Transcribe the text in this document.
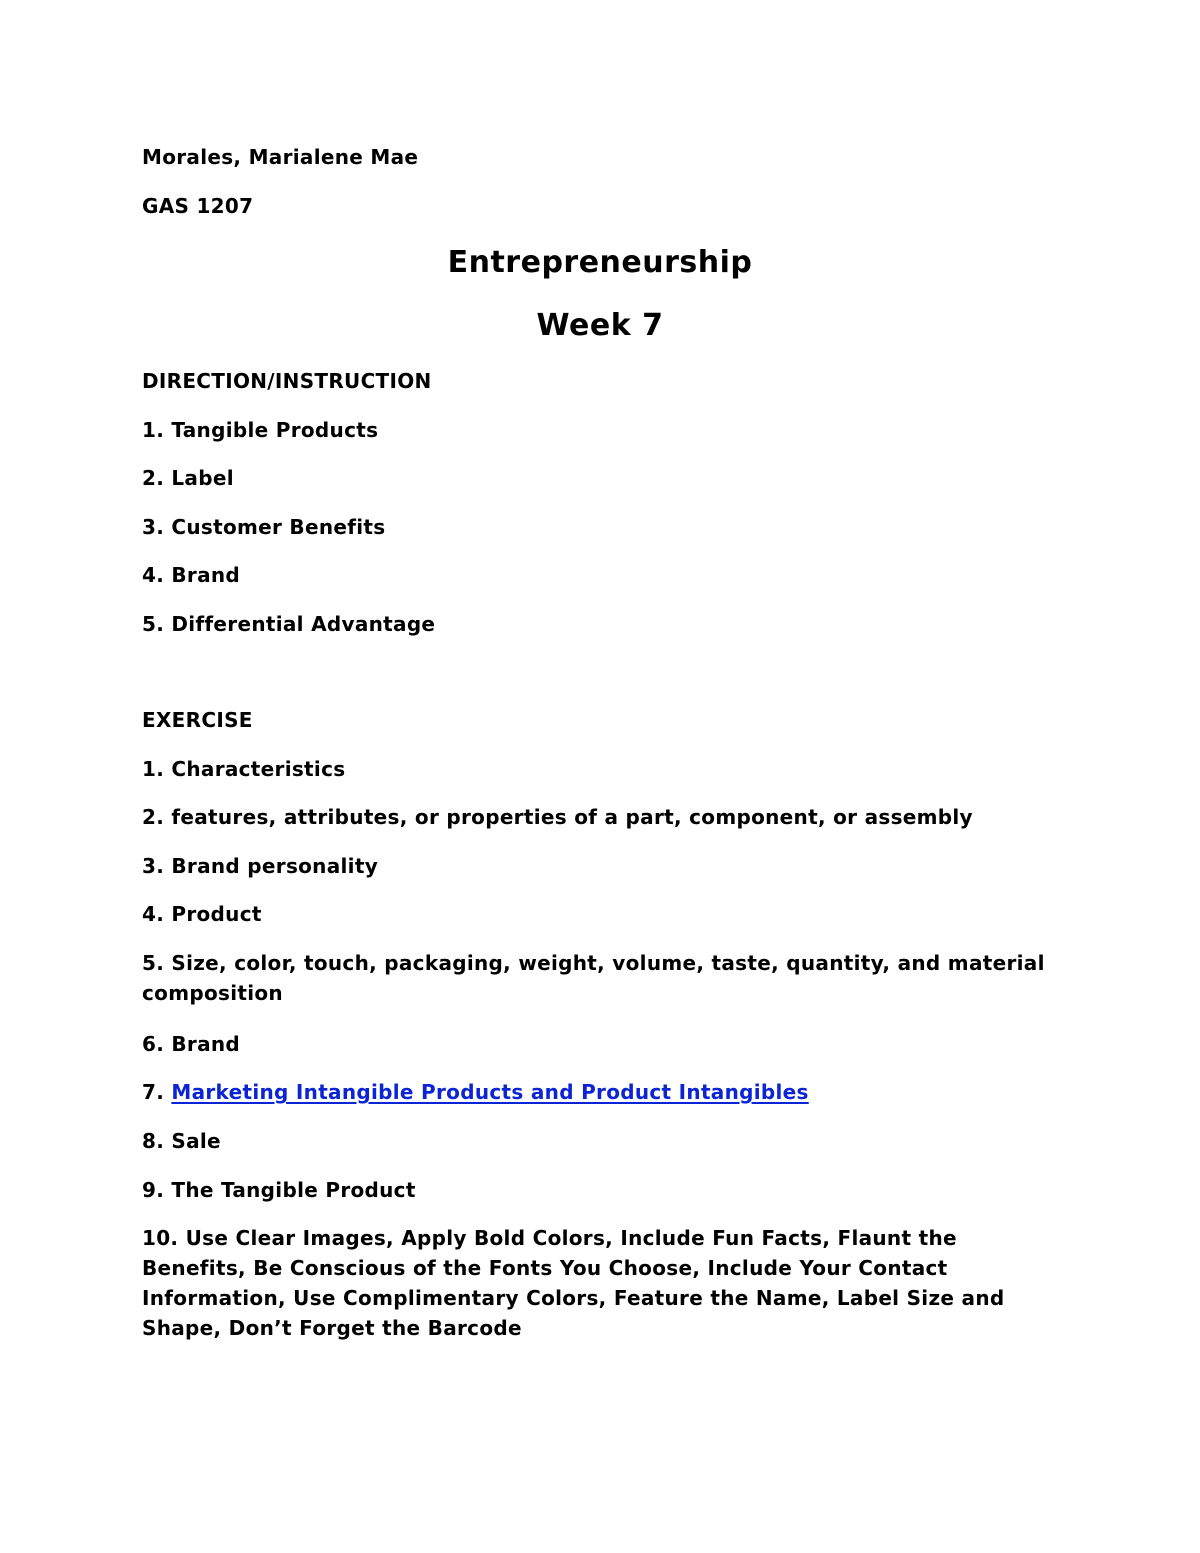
Morales, Marialene Mae

GAS 1207

Entrepreneurship

Week 7

DIRECTION/INSTRUCTION

1. Tangible Products

2. Label

3. Customer Benefits

4. Brand

5. Differential Advantage

EXERCISE

1. Characteristics

2. features, attributes, or properties of a part, component, or assembly

3. Brand personality

4. Product

5. Size, color, touch, packaging, weight, volume, taste, quantity, and material composition

6. Brand

7. Marketing Intangible Products and Product Intangibles

8. Sale

9. The Tangible Product

10. Use Clear Images, Apply Bold Colors, Include Fun Facts, Flaunt the Benefits, Be Conscious of the Fonts You Choose, Include Your Contact Information, Use Complimentary Colors, Feature the Name, Label Size and Shape, Don’t Forget the Barcode
